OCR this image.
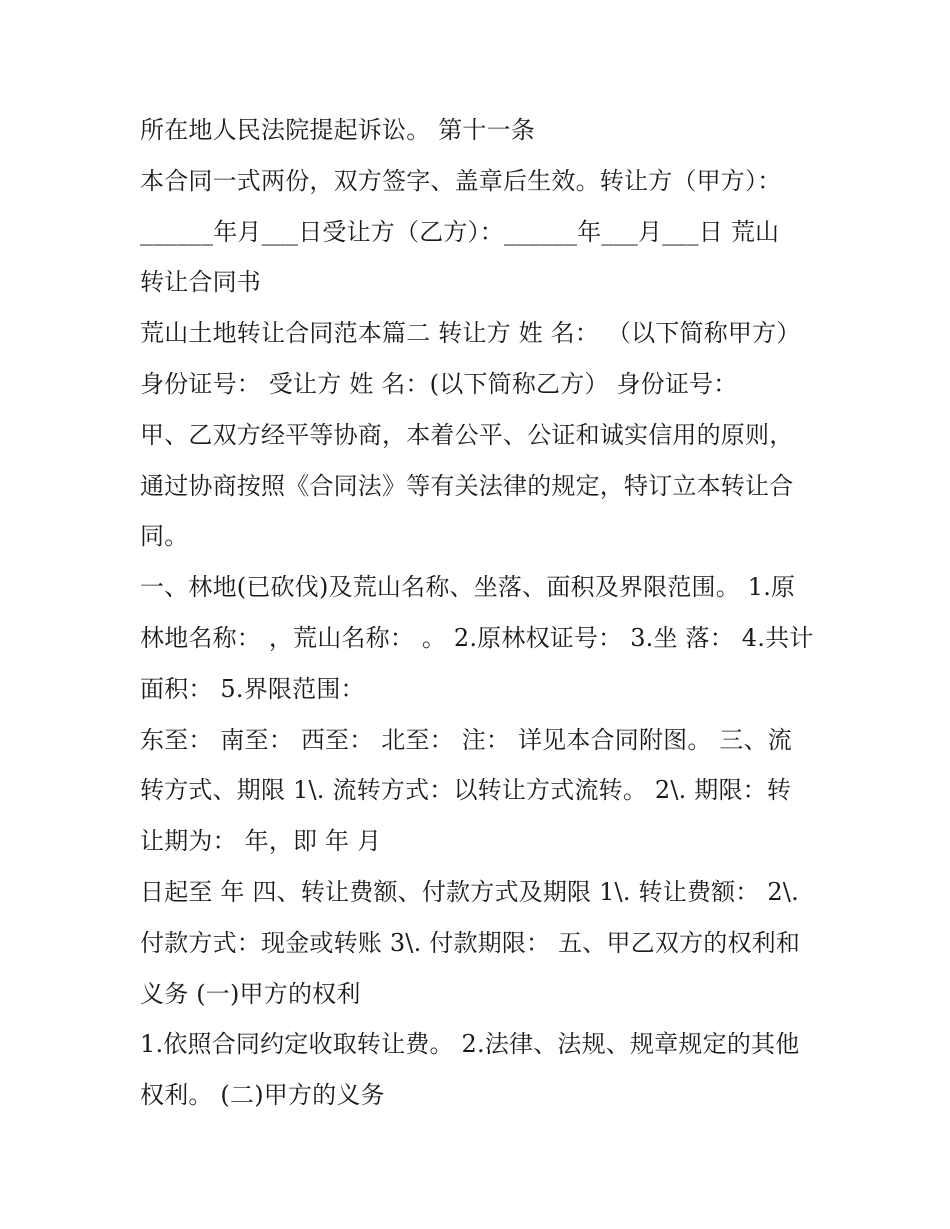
所在地人民法院提起诉讼。 第十一条
本合同一式两份，双方签字、盖章后生效。转让方（甲方）：
______年月___日受让方（乙方）：______年___月___日 荒山
转让合同书
荒山土地转让合同范本篇二 转让方 姓 名： （以下简称甲方）
身份证号： 受让方 姓 名：(以下简称乙方） 身份证号：
甲、乙双方经平等协商，本着公平、公证和诚实信用的原则，
通过协商按照《合同法》等有关法律的规定，特订立本转让合
同。
一、林地(已砍伐)及荒山名称、坐落、面积及界限范围。 1.原
林地名称： ，荒山名称： 。 2.原林权证号： 3.坐 落： 4.共计
面积： 5.界限范围：
东至： 南至： 西至： 北至： 注： 详见本合同附图。 三、流
转方式、期限 1\. 流转方式：以转让方式流转。 2\. 期限：转
让期为： 年，即 年 月
日起至 年 四、转让费额、付款方式及期限 1\. 转让费额： 2\.
付款方式：现金或转账 3\. 付款期限： 五、甲乙双方的权利和
义务 (一)甲方的权利
1.依照合同约定收取转让费。 2.法律、法规、规章规定的其他
权利。 (二)甲方的义务
